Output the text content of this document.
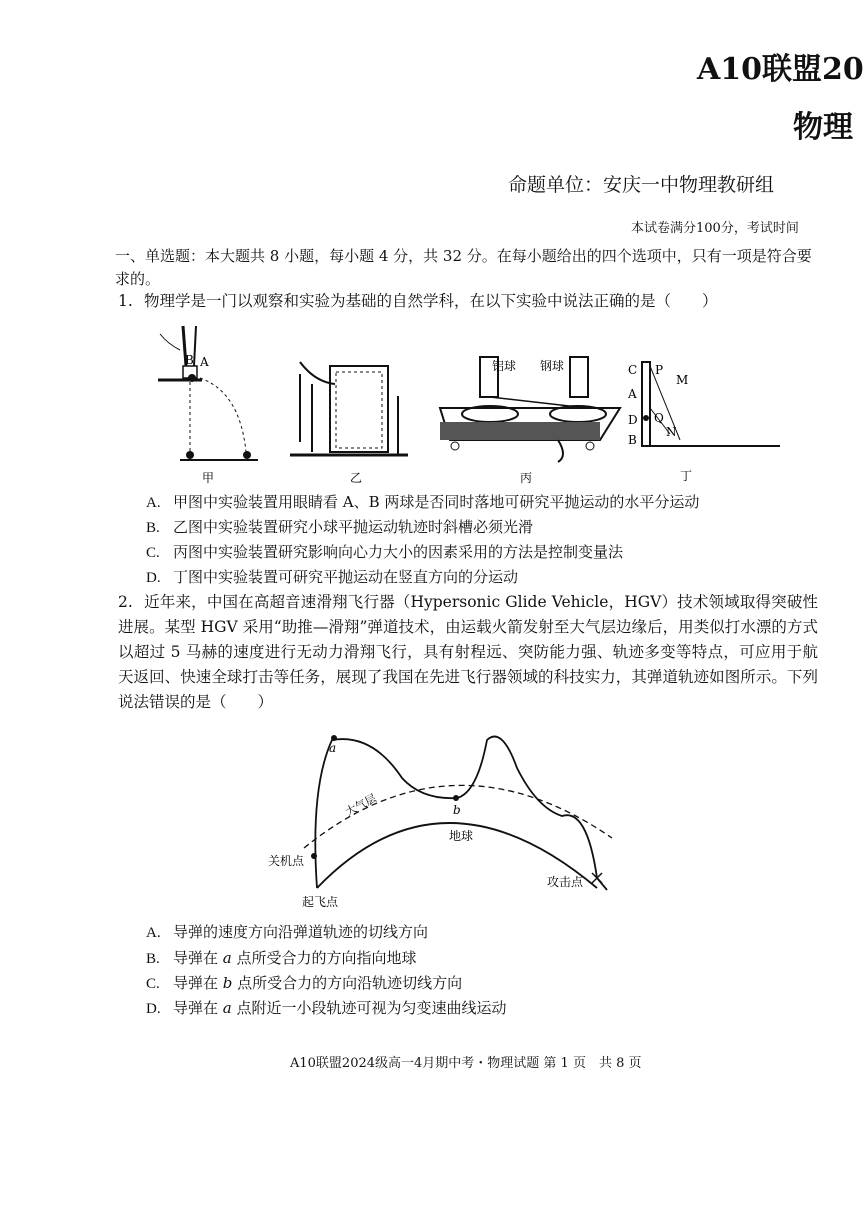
A10联盟20
物理
命题单位：安庆一中物理教研组
本试卷满分100分，考试时间
一、单选题：本大题共 8 小题，每小题 4 分，共 32 分。在每小题给出的四个选项中，只有一项是符合要求的。
1. 物理学是一门以观察和实验为基础的自然学科，在以下实验中说法正确的是（　　）
B A
甲	乙
铝球 钢球
丙
C
A
D
B
P
M
Q
N
丁
A. 甲图中实验装置用眼睛看 A、B 两球是否同时落地可研究平抛运动的水平分运动
B. 乙图中实验装置研究小球平抛运动轨迹时斜槽必须光滑
C. 丙图中实验装置研究影响向心力大小的因素采用的方法是控制变量法
D. 丁图中实验装置可研究平抛运动在竖直方向的分运动
2. 近年来，中国在高超音速滑翔飞行器（Hypersonic Glide Vehicle，HGV）技术领域取得突破性进展。某型 HGV 采用“助推—滑翔”弹道技术，由运载火箭发射至大气层边缘后，用类似打水漂的方式以超过 5 马赫的速度进行无动力滑翔飞行，具有射程远、突防能力强、轨迹多变等特点，可应用于航天返回、快速全球打击等任务，展现了我国在先进飞行器领域的科技实力，其弹道轨迹如图所示。下列说法错误的是（　　）
a
b
大气层
地球
关机点
起飞点
攻击点
A. 导弹的速度方向沿弹道轨迹的切线方向
B. 导弹在 a 点所受合力的方向指向地球
C. 导弹在 b 点所受合力的方向沿轨迹切线方向
D. 导弹在 a 点附近一小段轨迹可视为匀变速曲线运动
A10联盟2024级高一4月期中考・物理试题 第 1 页　共 8 页
